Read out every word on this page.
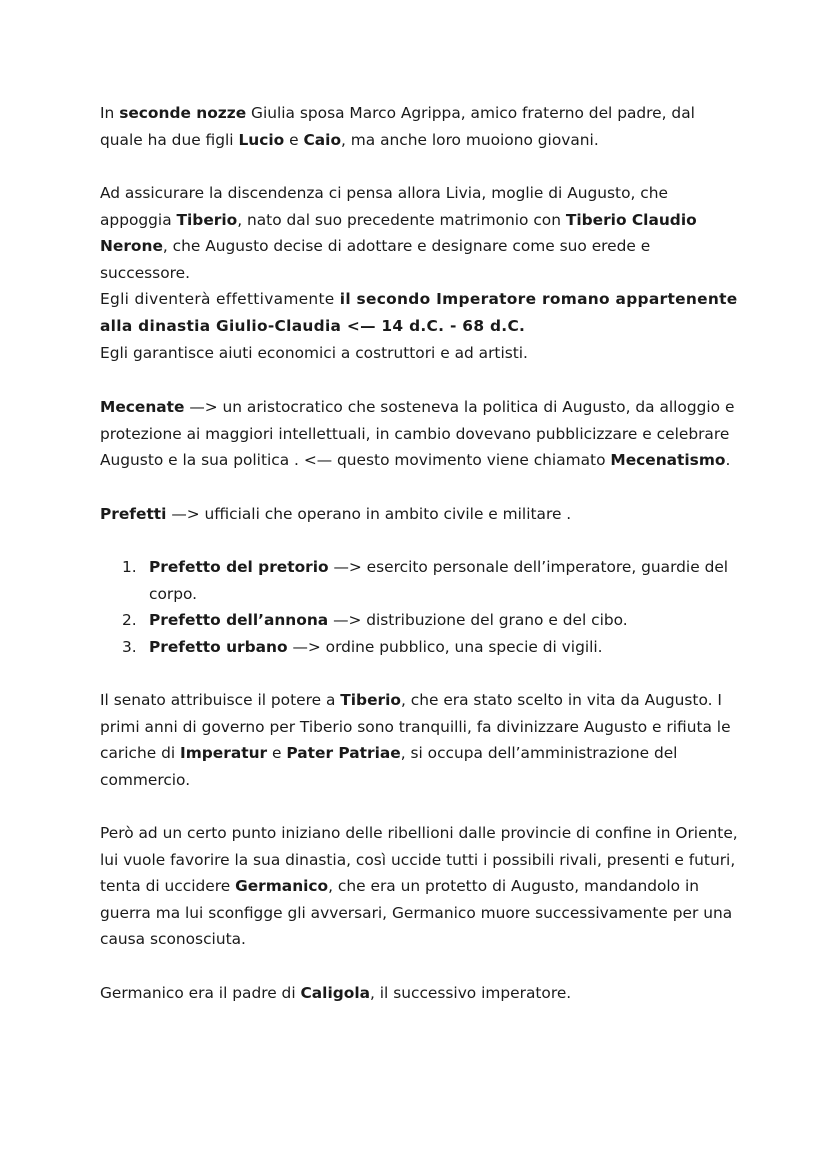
In seconde nozze Giulia sposa Marco Agrippa, amico fraterno del padre, dal quale ha due figli Lucio e Caio, ma anche loro muoiono giovani.

Ad assicurare la discendenza ci pensa allora Livia, moglie di Augusto, che appoggia Tiberio, nato dal suo precedente matrimonio con Tiberio Claudio Nerone, che Augusto decise di adottare e designare come suo erede e successore.
Egli diventerà effettivamente il secondo Imperatore romano appartenente alla dinastia Giulio-Claudia <— 14 d.C. - 68 d.C.
Egli garantisce aiuti economici a costruttori e ad artisti.

Mecenate —> un aristocratico che sosteneva la politica di Augusto, da alloggio e protezione ai maggiori intellettuali, in cambio dovevano pubblicizzare e celebrare Augusto e la sua politica . <— questo movimento viene chiamato Mecenatismo.

Prefetti —> ufficiali che operano in ambito civile e militare .

1. Prefetto del pretorio —> esercito personale dell’imperatore, guardie del corpo.
2. Prefetto dell’annona —> distribuzione del grano e del cibo.
3. Prefetto urbano —> ordine pubblico, una specie di vigili.

Il senato attribuisce il potere a Tiberio, che era stato scelto in vita da Augusto. I primi anni di governo per Tiberio sono tranquilli, fa divinizzare Augusto e rifiuta le cariche di Imperatur e Pater Patriae, si occupa dell’amministrazione del commercio.

Però ad un certo punto iniziano delle ribellioni dalle provincie di confine in Oriente, lui vuole favorire la sua dinastia, così uccide tutti i possibili rivali, presenti e futuri, tenta di uccidere Germanico, che era un protetto di Augusto, mandandolo in guerra ma lui sconfigge gli avversari, Germanico muore successivamente per una causa sconosciuta.

Germanico era il padre di Caligola, il successivo imperatore.
